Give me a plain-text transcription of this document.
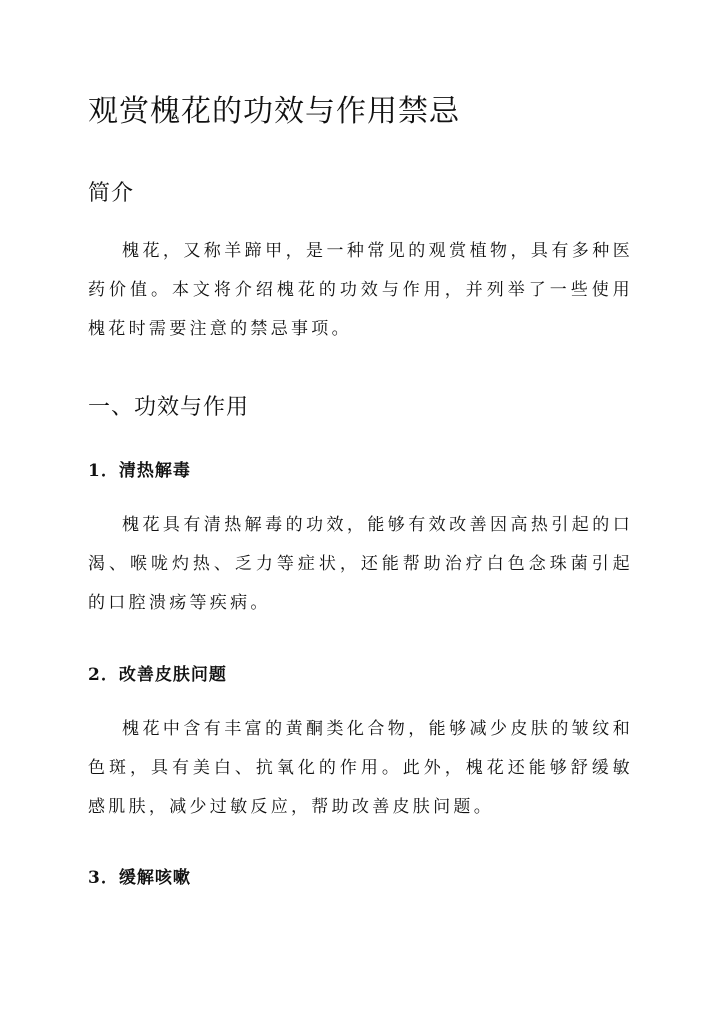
观赏槐花的功效与作用禁忌
简介

槐花，又称羊蹄甲，是一种常见的观赏植物，具有多种医药价值。本文将介绍槐花的功效与作用，并列举了一些使用槐花时需要注意的禁忌事项。

一、功效与作用
1．清热解毒

槐花具有清热解毒的功效，能够有效改善因高热引起的口渴、喉咙灼热、乏力等症状，还能帮助治疗白色念珠菌引起的口腔溃疡等疾病。

2．改善皮肤问题

槐花中含有丰富的黄酮类化合物，能够减少皮肤的皱纹和色斑，具有美白、抗氧化的作用。此外，槐花还能够舒缓敏感肌肤，减少过敏反应，帮助改善皮肤问题。

3．缓解咳嗽
